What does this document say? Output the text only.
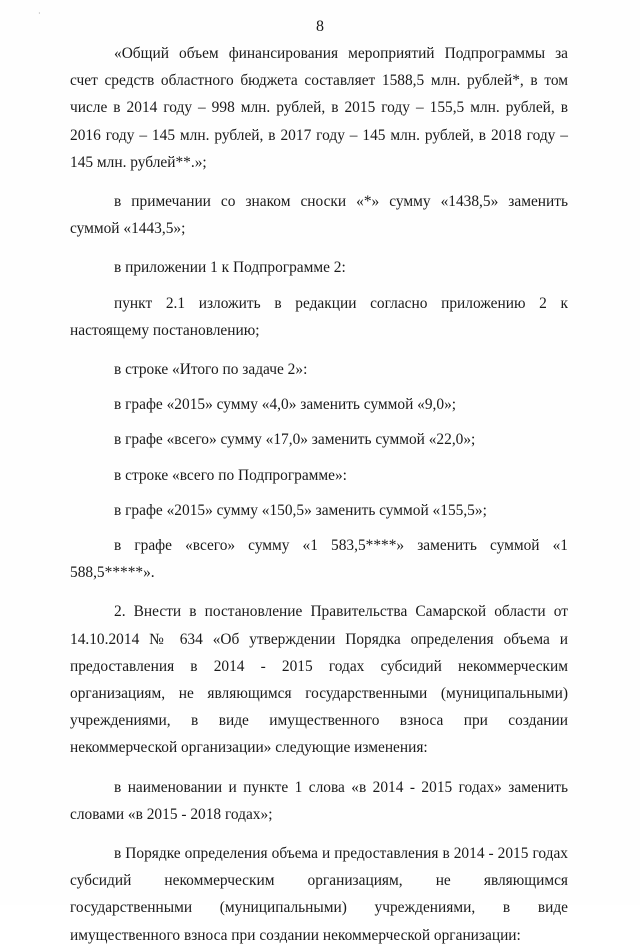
·
8

«Общий объем финансирования мероприятий Подпрограммы за счет средств областного бюджета составляет 1588,5 млн. рублей*, в том числе в 2014 году – 998 млн. рублей, в 2015 году – 155,5 млн. рублей, в 2016 году – 145 млн. рублей, в 2017 году – 145 млн. рублей, в 2018 году – 145 млн. рублей**.»;

в примечании со знаком сноски «*» сумму «1438,5» заменить суммой «1443,5»;

в приложении 1 к Подпрограмме 2:

пункт 2.1 изложить в редакции согласно приложению 2 к настоящему постановлению;

в строке «Итого по задаче 2»:

в графе «2015» сумму «4,0» заменить суммой «9,0»;

в графе «всего» сумму «17,0» заменить суммой «22,0»;

в строке «всего по Подпрограмме»:

в графе «2015» сумму «150,5» заменить суммой «155,5»;

в графе «всего» сумму «1 583,5****» заменить суммой «1 588,5*****».

2. Внести в постановление Правительства Самарской области от 14.10.2014 № 634 «Об утверждении Порядка определения объема и предоставления в 2014 - 2015 годах субсидий некоммерческим организациям, не являющимся государственными (муниципальными) учреждениями, в виде имущественного взноса при создании некоммерческой организации» следующие изменения:

в наименовании и пункте 1 слова «в 2014 - 2015 годах» заменить словами «в 2015 - 2018 годах»;

в Порядке определения объема и предоставления в 2014 - 2015 годах субсидий некоммерческим организациям, не являющимся государственными (муниципальными) учреждениями, в виде имущественного взноса при создании некоммерческой организации:
